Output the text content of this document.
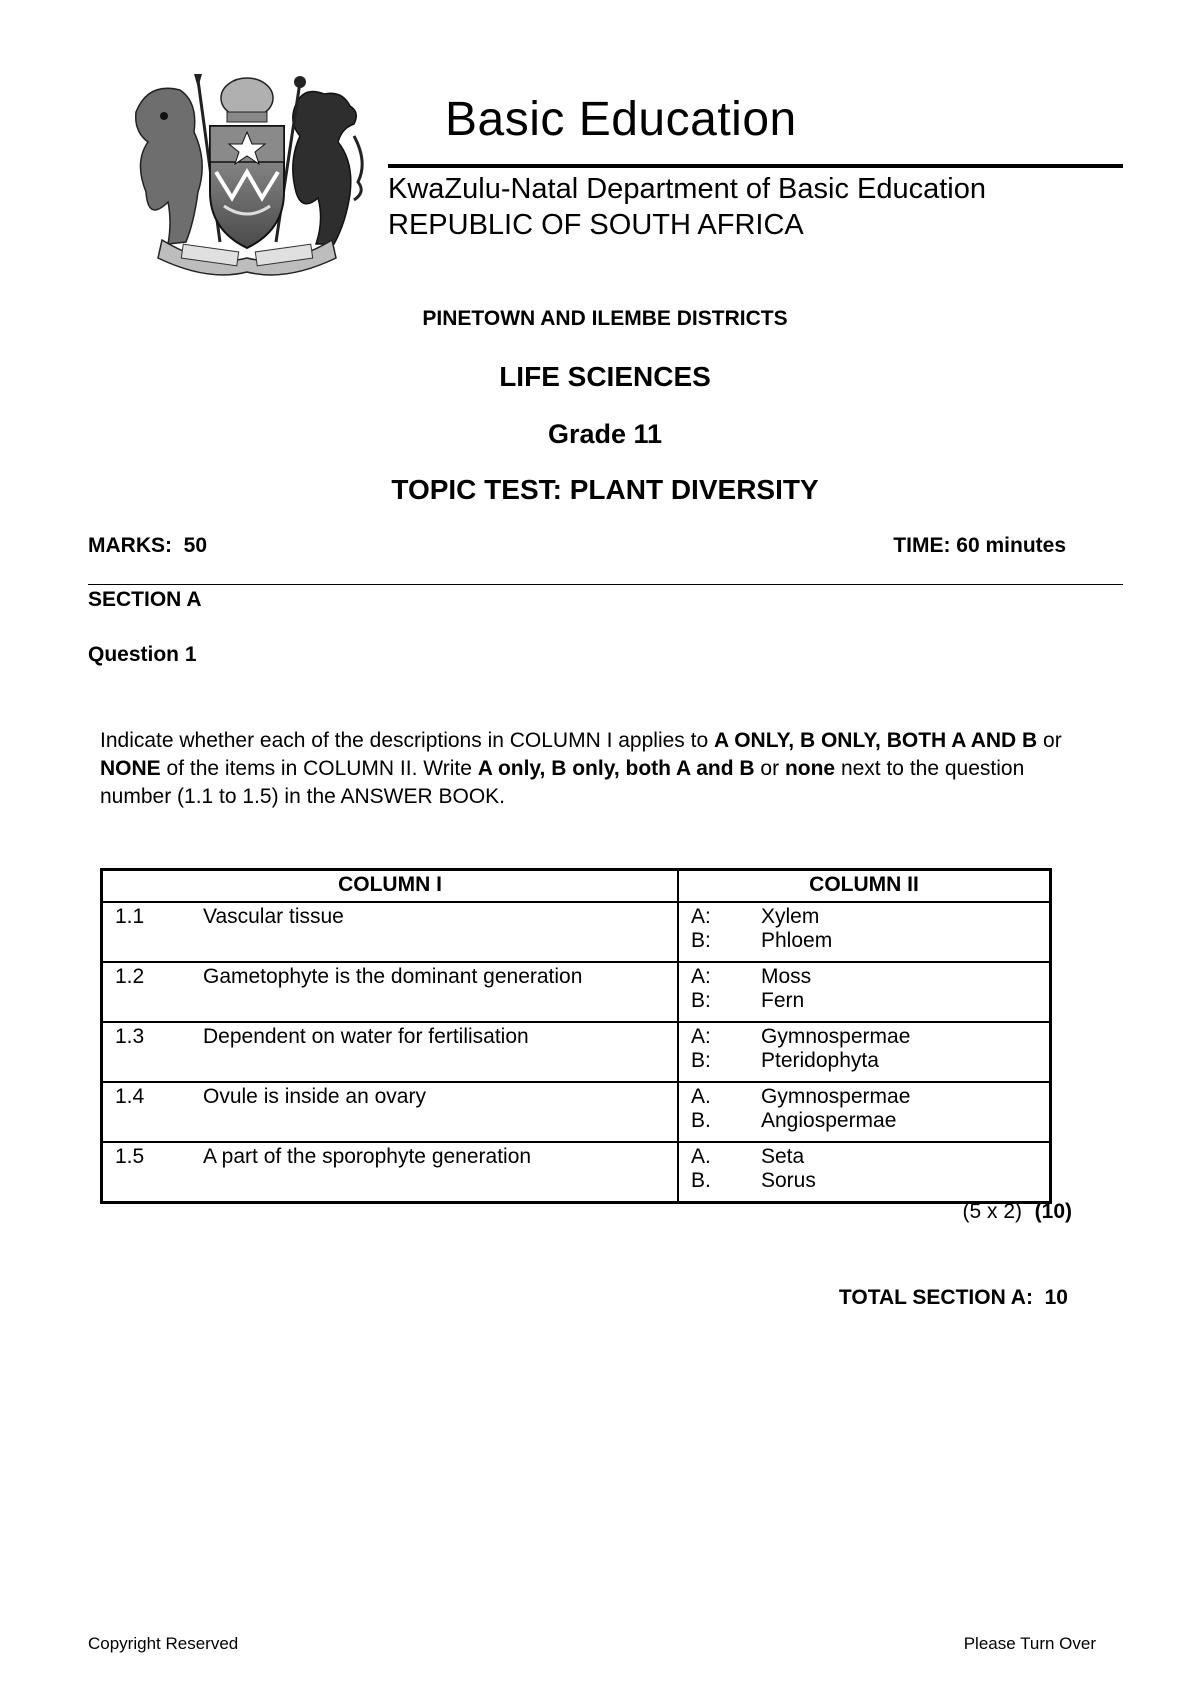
Basic Education
KwaZulu-Natal Department of Basic Education
REPUBLIC OF SOUTH AFRICA
PINETOWN AND ILEMBE DISTRICTS
LIFE SCIENCES
Grade 11
TOPIC TEST: PLANT DIVERSITY
MARKS:  50	TIME: 60 minutes
SECTION A
Question 1
Indicate whether each of the descriptions in COLUMN I applies to A ONLY, B ONLY, BOTH A AND B or NONE of the items in COLUMN II. Write A only, B only, both A and B or none next to the question number (1.1 to 1.5) in the ANSWER BOOK.
COLUMN I	COLUMN II
1.1 Vascular tissue	A: Xylem
B: Phloem

1.2 Gametophyte is the dominant generation	A: Moss
B: Fern

1.3 Dependent on water for fertilisation	A: Gymnospermae
B: Pteridophyta

1.4 Ovule is inside an ovary	A. Gymnospermae
B. Angiospermae

1.5 A part of the sporophyte generation	A. Seta
B. Sorus
(5 x 2) (10)
TOTAL SECTION A:  10
Copyright Reserved	Please Turn Over
